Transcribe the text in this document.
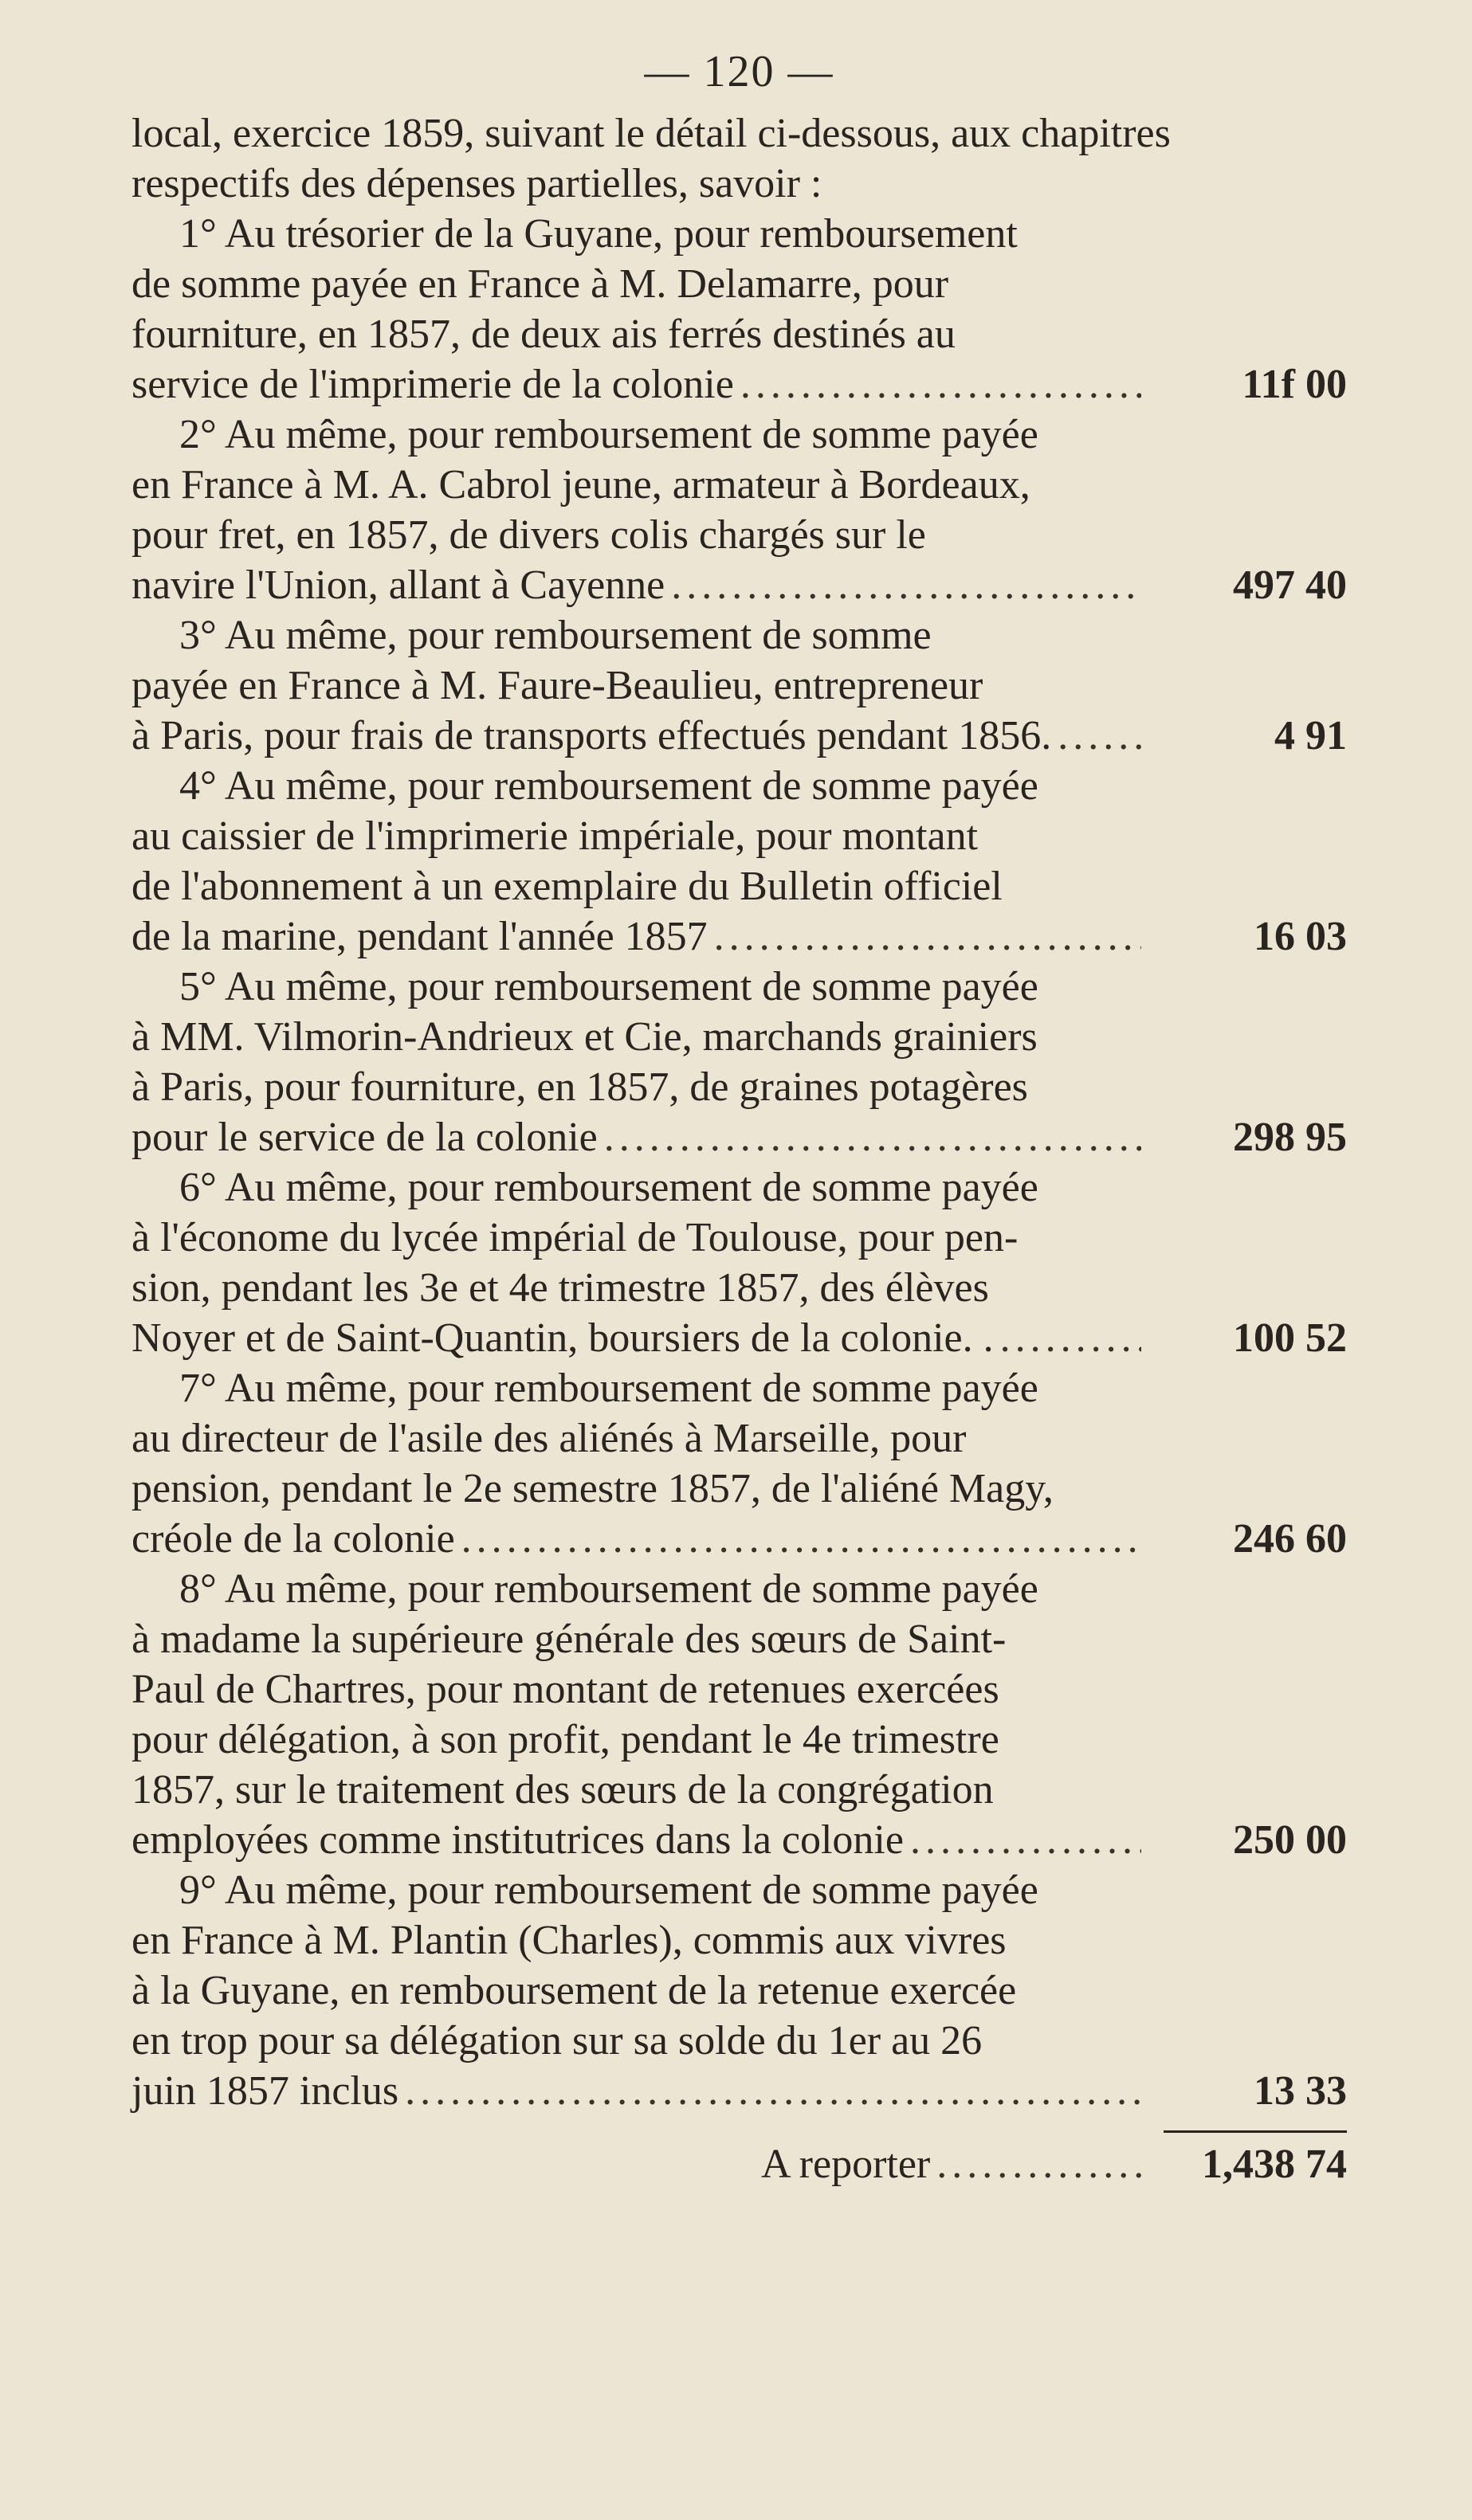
— 120 —
local, exercice 1859, suivant le détail ci-dessous, aux chapitres
respectifs des dépenses partielles, savoir :
1° Au trésorier de la Guyane, pour remboursement
de somme payée en France à M. Delamarre, pour
fourniture, en 1857, de deux ais ferrés destinés au
service de l'imprimerie de la colonie .....	11f 00
2° Au même, pour remboursement de somme payée
en France à M. A. Cabrol jeune, armateur à Bordeaux,
pour fret, en 1857, de divers colis chargés sur le
navire l'Union, allant à Cayenne .....	497 40
3° Au même, pour remboursement de somme
payée en France à M. Faure-Beaulieu, entrepreneur
à Paris, pour frais de transports effectués pendant 1856. .....	4 91
4° Au même, pour remboursement de somme payée
au caissier de l'imprimerie impériale, pour montant
de l'abonnement à un exemplaire du Bulletin officiel
de la marine, pendant l'année 1857 .....	16 03
5° Au même, pour remboursement de somme payée
à MM. Vilmorin-Andrieux et Cie, marchands grainiers
à Paris, pour fourniture, en 1857, de graines potagères
pour le service de la colonie .....	298 95
6° Au même, pour remboursement de somme payée
à l'économe du lycée impérial de Toulouse, pour pen-
sion, pendant les 3e et 4e trimestre 1857, des élèves
Noyer et de Saint-Quantin, boursiers de la colonie. . .....	100 52
7° Au même, pour remboursement de somme payée
au directeur de l'asile des aliénés à Marseille, pour
pension, pendant le 2e semestre 1857, de l'aliéné Magy,
créole de la colonie .....	246 60
8° Au même, pour remboursement de somme payée
à madame la supérieure générale des sœurs de Saint-
Paul de Chartres, pour montant de retenues exercées
pour délégation, à son profit, pendant le 4e trimestre
1857, sur le traitement des sœurs de la congrégation
employées comme institutrices dans la colonie .....	250 00
9° Au même, pour remboursement de somme payée
en France à M. Plantin (Charles), commis aux vivres
à la Guyane, en remboursement de la retenue exercée
en trop pour sa délégation sur sa solde du 1er au 26
juin 1857 inclus .....	13 33
A reporter .....	1,438 74
